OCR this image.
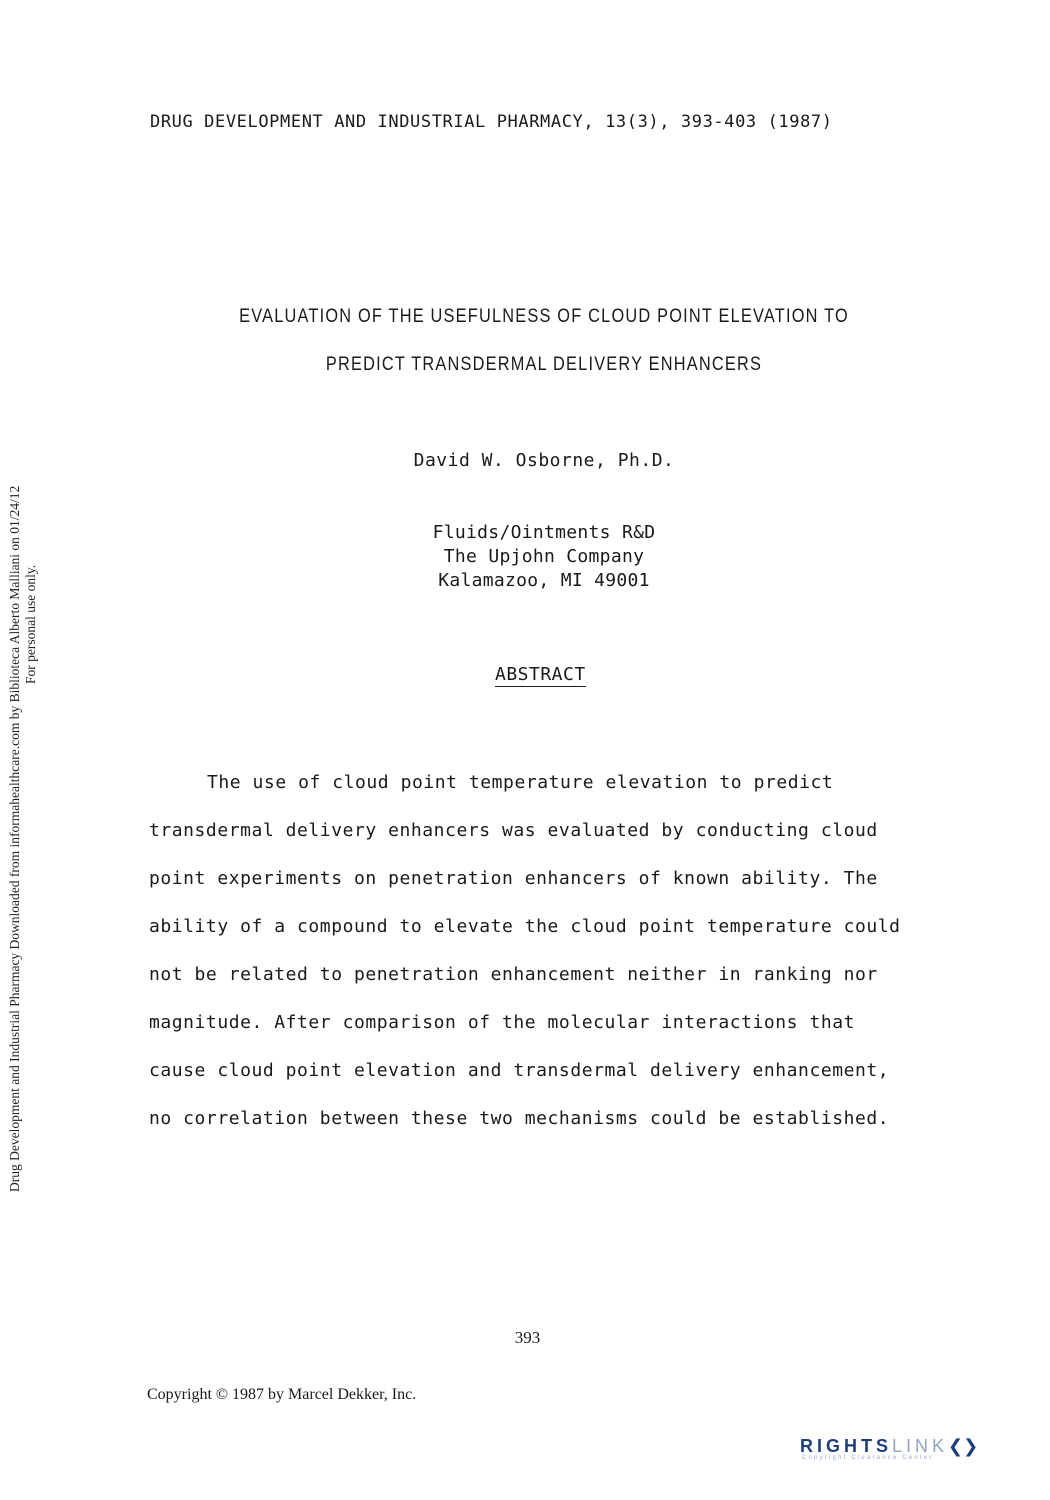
DRUG DEVELOPMENT AND INDUSTRIAL PHARMACY, 13(3), 393-403 (1987)
EVALUATION OF THE USEFULNESS OF CLOUD POINT ELEVATION TO
PREDICT TRANSDERMAL DELIVERY ENHANCERS
David W. Osborne, Ph.D.
Fluids/Ointments R&D
The Upjohn Company
Kalamazoo, MI 49001
ABSTRACT
The use of cloud point temperature elevation to predict
transdermal delivery enhancers was evaluated by conducting cloud
point experiments on penetration enhancers of known ability. The
ability of a compound to elevate the cloud point temperature could
not be related to penetration enhancement neither in ranking nor
magnitude. After comparison of the molecular interactions that
cause cloud point elevation and transdermal delivery enhancement,
no correlation between these two mechanisms could be established.
393
Copyright © 1987 by Marcel Dekker, Inc.
Drug Development and Industrial Pharmacy Downloaded from informahealthcare.com by Biblioteca Alberto Malliani on 01/24/12 For personal use only.
RIGHTSLINK❮❯
Copyright Clearance Center
